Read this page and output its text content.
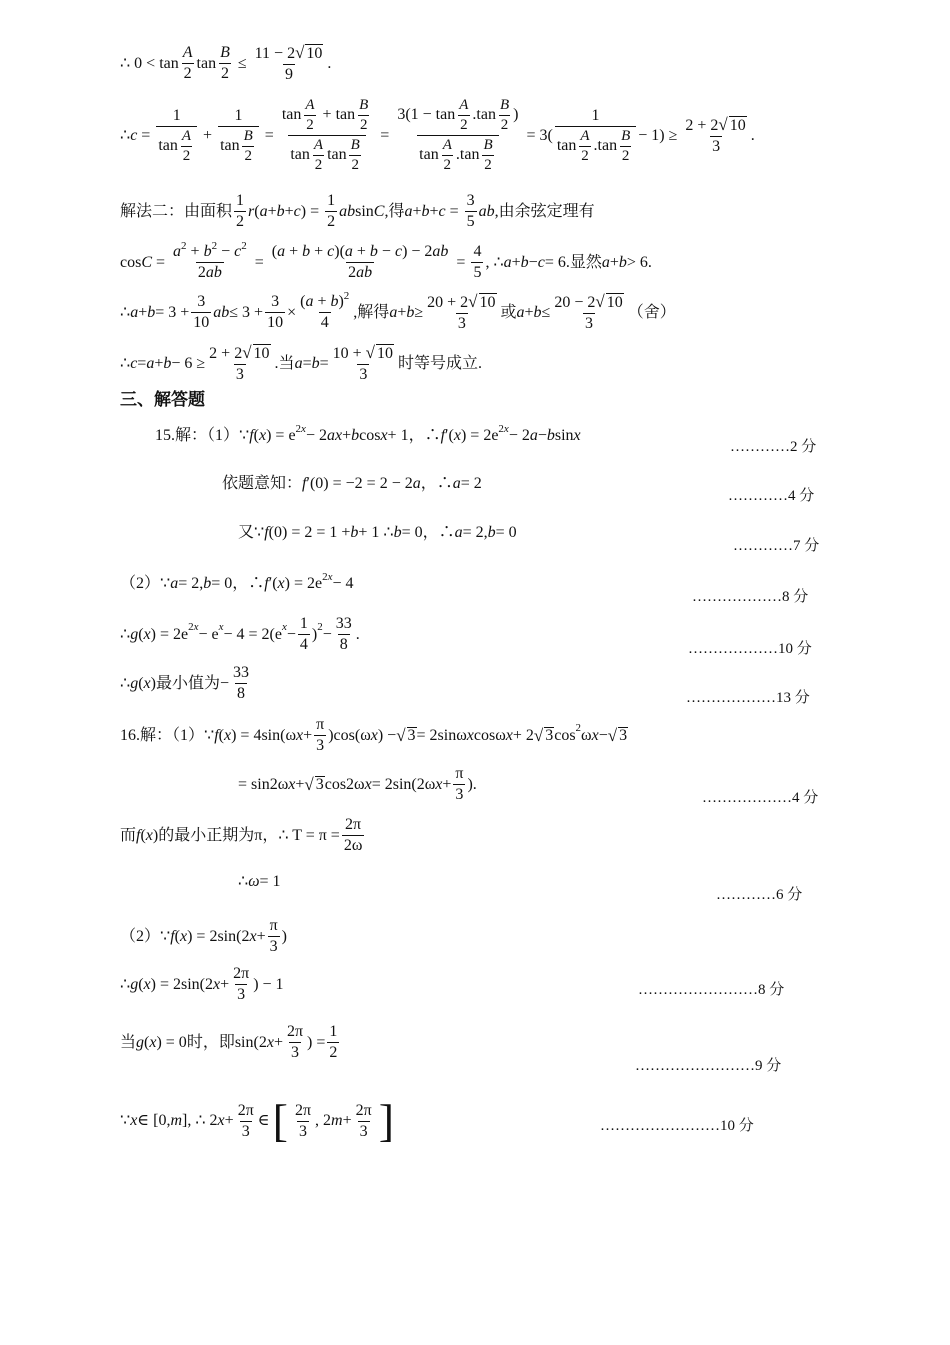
∴ $0 < \tan \frac{A}{2}$ $\tan \frac{B}{2} \le \frac{11 - 2√ 10}{9}$ .
∴ $c = \frac{1}{\tan \frac{A}{2}} + \frac{1}{\tan \frac{B}{2}} = \frac{\tan \frac{A}{2} + \tan \frac{B}{2}}{\tan \frac{A}{2} \tan \frac{B}{2}} = \frac{3(1 - \tan \frac{A}{2} .\tan \frac{B}{2} )}{\tan \frac{A}{2} .\tan \frac{B}{2}} = 3( \frac{1}{\tan \frac{A}{2} .\tan \frac{B}{2}} - 1) \ge \frac{2 + 2√ 10}{3}$ .
解法二：由面积 $\frac{1}{2}$ r ( a + b + c ) = $\frac{1}{2}$ ab sin C , 得 $a + b + c = \frac{3}{5}$ ab , 由余弦定理有
$\cos C = \frac{a^2 + b^2 - c^2}{2ab} = \frac{(a + b + c)(a + b - c) - 2ab}{2ab} = \frac{4}{5}$ , ∴ a + b − c = 6. 显然 a + b > 6.
∴ $a + b = 3 + \frac{3}{10}$ ab ≤ $3 + \frac{3}{10} \times \frac{(a + b)^2}{4}$ , 解得 $a + b \ge \frac{20 + 2√ 10}{3}$ 或 $a + b \le \frac{20 - 2√ 10}{3}$ （舍）
∴ $c = a + b - 6 \ge \frac{2 + 2√ 10}{3}$ . 当 $a = b = \frac{10 + √ 10}{3}$ 时等号成立.
三、解答题
15.解：（1） ∵ f ( x ) = e 2x − 2 ax + b cos x + 1，∴ f ′( x ) = 2e 2x − 2 a − b sin x
…………2 分
依题意知： f ′(0) = −2 = 2 − 2 a ，∴ a = 2
…………4 分
又 ∵ f (0) = 2 = 1 + b + 1 ∴ b = 0，∴ a = 2, b = 0
…………7 分
（2） ∵ a = 2, b = 0，∴ f ′( x ) = 2e 2x − 4
………………8 分
∴ g ( x ) = 2e 2x − e x − 4 = 2(e $x - \frac{1}{4}$ ) $2 - \frac{33}{8}$ .
………………10 分
∴ g ( x ) 最小值为 − $\frac{33}{8}$	………………13 分
16.解：（1） ∵ f ( x ) = 4sin(ω $x + \frac{\pi}{3} )\cos(\omega$ x ) − √ 3 = 2sinω x cosω x + 2 √ 3 cos 2 ω x − √ 3
= sin2ω x + √ 3 cos2ω x = 2sin(2ω $x + \frac{\pi}{3}$ ).
………………4 分
而 f ( x ) 的最小正期为π， ∴ $T = \pi = \frac{2\pi}{2\omega}$
∴ ω = 1
…………6 分
（2） ∵ f ( x ) = 2sin(2 $x + \frac{\pi}{3}$ )
∴ g ( x ) = 2sin(2 $x + \frac{2\pi}{3}$ ) − 1	……………………8 分
当 g ( x ) = 0 时，即 sin(2 $x + \frac{2\pi}{3}$ ) = $\frac{1}{2}$
……………………9 分
∵ x ∈ [0, m ], ∴ 2 $x + \frac{2\pi}{3}$ ∈ [ $\frac{2\pi}{3}$ , 2 $m + \frac{2\pi}{3}$ ]	……………………10 分
